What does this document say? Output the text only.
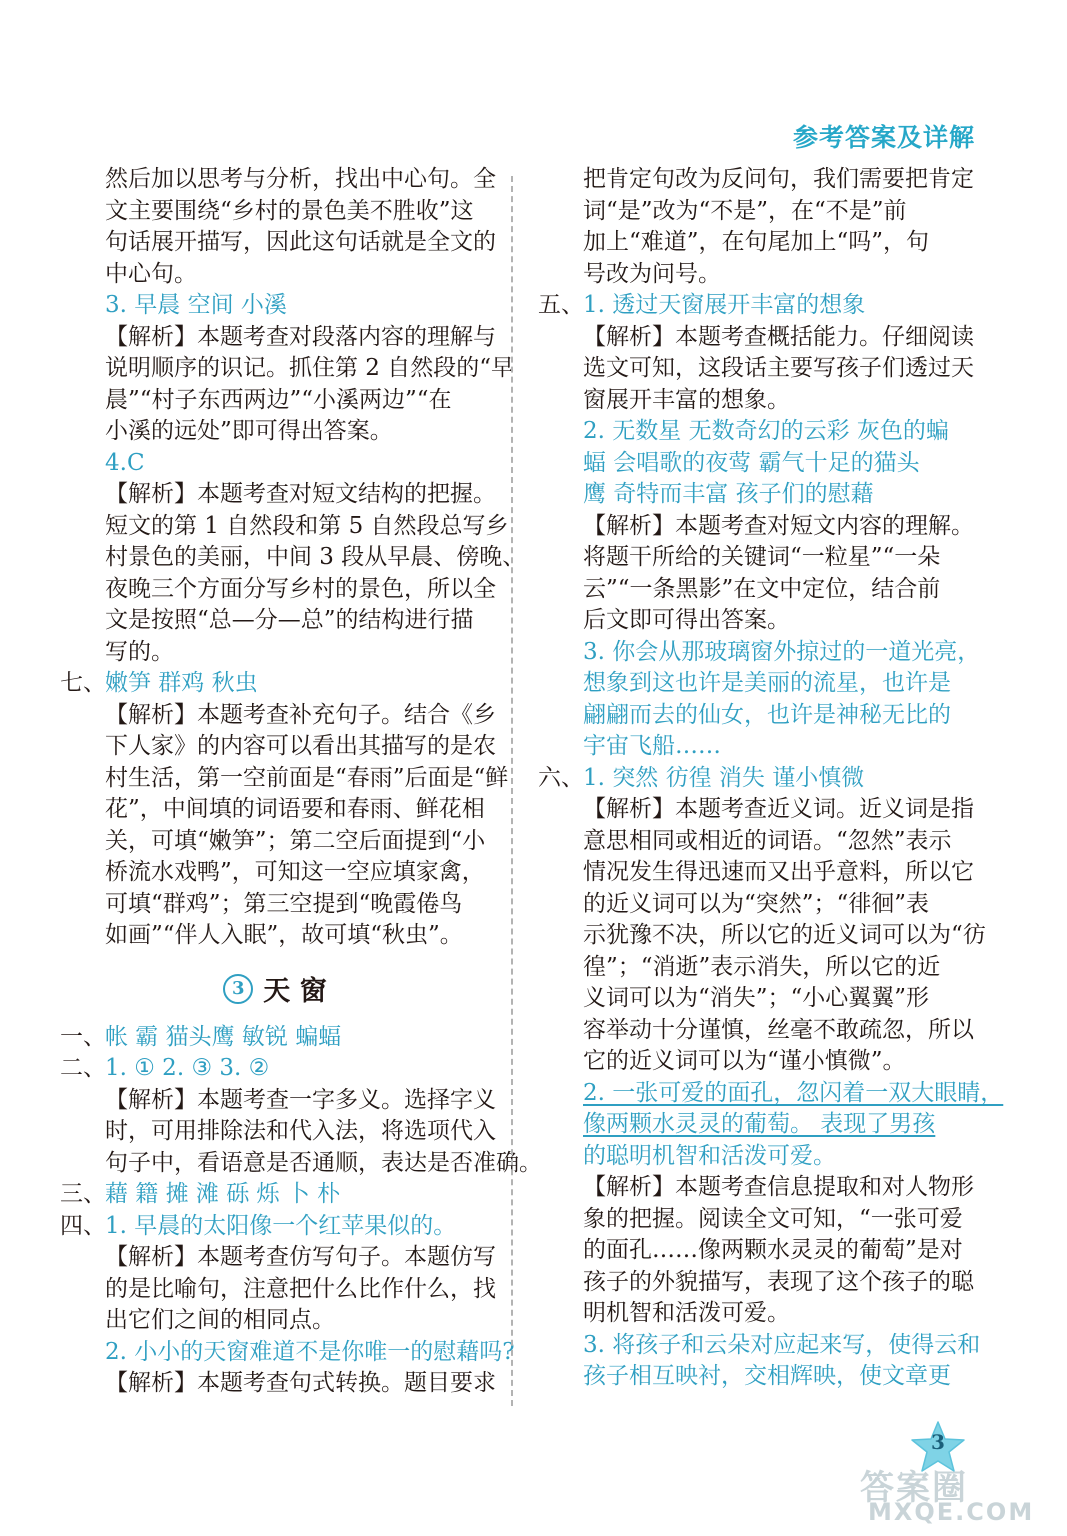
参考答案及详解
然后加以思考与分析，找出中心句。全
文主要围绕“乡村的景色美不胜收”这
句话展开描写，因此这句话就是全文的
中心句。
3. 早晨 空间 小溪
【解析】本题考查对段落内容的理解与
说明顺序的识记。抓住第 2 自然段的“早
晨”“村子东西两边”“小溪两边”“在
小溪的远处”即可得出答案。
4.C
【解析】本题考查对短文结构的把握。
短文的第 1 自然段和第 5 自然段总写乡
村景色的美丽，中间 3 段从早晨、傍晚、
夜晚三个方面分写乡村的景色，所以全
文是按照“总—分—总”的结构进行描
写的。
七、嫩笋 群鸡 秋虫
【解析】本题考查补充句子。结合《乡
下人家》的内容可以看出其描写的是农
村生活，第一空前面是“春雨”后面是“鲜
花”，中间填的词语要和春雨、鲜花相
关，可填“嫩笋”；第二空后面提到“小
桥流水戏鸭”，可知这一空应填家禽，
可填“群鸡”；第三空提到“晚霞倦鸟
如画”“伴人入眠”，故可填“秋虫”。
3 天 窗
一、帐 霸 猫头鹰 敏锐 蝙蝠
二、1. ① 2. ③ 3. ②
【解析】本题考查一字多义。选择字义
时，可用排除法和代入法，将选项代入
句子中，看语意是否通顺，表达是否准确。
三、藉 籍 摊 滩 砾 烁 卜 朴
四、1. 早晨的太阳像一个红苹果似的。
【解析】本题考查仿写句子。本题仿写
的是比喻句，注意把什么比作什么，找
出它们之间的相同点。
2. 小小的天窗难道不是你唯一的慰藉吗?
【解析】本题考查句式转换。题目要求
把肯定句改为反问句，我们需要把肯定
词“是”改为“不是”，在“不是”前
加上“难道”，在句尾加上“吗”，句
号改为问号。
五、1. 透过天窗展开丰富的想象
【解析】本题考查概括能力。仔细阅读
选文可知，这段话主要写孩子们透过天
窗展开丰富的想象。
2. 无数星 无数奇幻的云彩 灰色的蝙
蝠 会唱歌的夜莺 霸气十足的猫头
鹰 奇特而丰富 孩子们的慰藉
【解析】本题考查对短文内容的理解。
将题干所给的关键词“一粒星”“一朵
云”“一条黑影”在文中定位，结合前
后文即可得出答案。
3. 你会从那玻璃窗外掠过的一道光亮，
想象到这也许是美丽的流星，也许是
翩翩而去的仙女，也许是神秘无比的
宇宙飞船……
六、1. 突然 彷徨 消失 谨小慎微
【解析】本题考查近义词。近义词是指
意思相同或相近的词语。“忽然”表示
情况发生得迅速而又出乎意料，所以它
的近义词可以为“突然”；“徘徊”表
示犹豫不决，所以它的近义词可以为“彷
徨”；“消逝”表示消失，所以它的近
义词可以为“消失”；“小心翼翼”形
容举动十分谨慎，丝毫不敢疏忽，所以
它的近义词可以为“谨小慎微”。
2. 一张可爱的面孔，忽闪着一双大眼睛，
像两颗水灵灵的葡萄。 表现了男孩
的聪明机智和活泼可爱。
【解析】本题考查信息提取和对人物形
象的把握。阅读全文可知，“一张可爱
的面孔……像两颗水灵灵的葡萄”是对
孩子的外貌描写，表现了这个孩子的聪
明机智和活泼可爱。
3. 将孩子和云朵对应起来写，使得云和
孩子相互映衬，交相辉映，使文章更
3
答案圈
MXQE.COM
